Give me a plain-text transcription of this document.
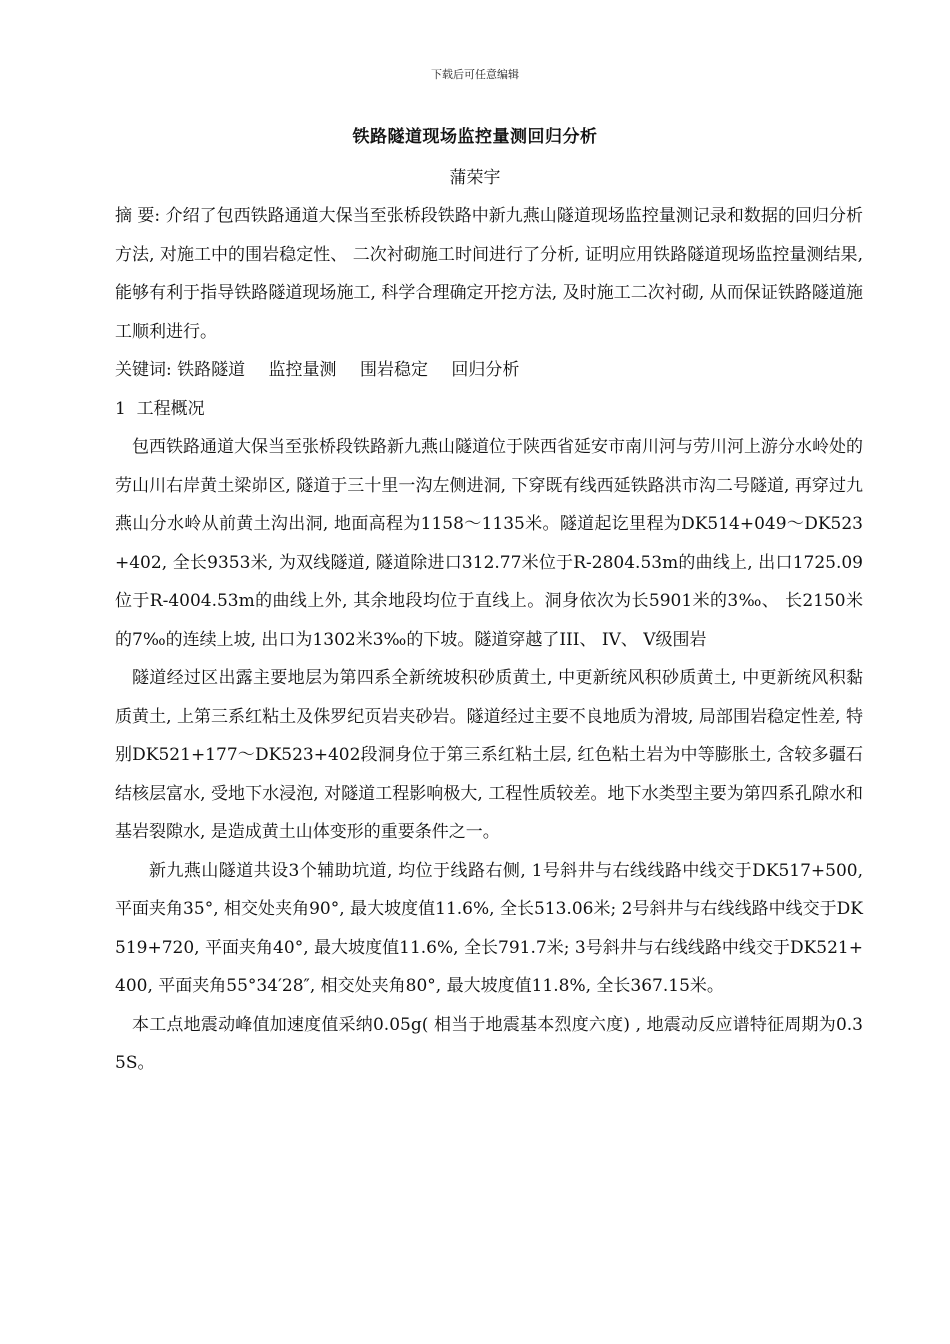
下载后可任意编辑
铁路隧道现场监控量测回归分析
蒲荣宇

摘 要: 介绍了包西铁路通道大保当至张桥段铁路中新九燕山隧道现场监控量测记录和数据的回归分析方法, 对施工中的围岩稳定性、 二次衬砌施工时间进行了分析, 证明应用铁路隧道现场监控量测结果, 能够有利于指导铁路隧道现场施工, 科学合理确定开挖方法, 及时施工二次衬砌, 从而保证铁路隧道施工顺利进行。

关键词: 铁路隧道 监控量测 围岩稳定 回归分析

1  工程概况

包西铁路通道大保当至张桥段铁路新九燕山隧道位于陕西省延安市南川河与劳川河上游分水岭处的劳山川右岸黄土梁峁区, 隧道于三十里一沟左侧进洞, 下穿既有线西延铁路洪市沟二号隧道, 再穿过九燕山分水岭从前黄土沟出洞, 地面高程为1158～1135米。隧道起讫里程为DK514+049～DK523+402, 全长9353米, 为双线隧道, 隧道除进口312.77米位于R-2804.53m的曲线上, 出口1725.09位于R-4004.53m的曲线上外, 其余地段均位于直线上。洞身依次为长5901米的3‰、 长2150米的7‰的连续上坡, 出口为1302米3‰的下坡。隧道穿越了III、 IV、 V级围岩

隧道经过区出露主要地层为第四系全新统坡积砂质黄土, 中更新统风积砂质黄土, 中更新统风积黏质黄土, 上第三系红粘土及侏罗纪页岩夹砂岩。隧道经过主要不良地质为滑坡, 局部围岩稳定性差, 特别DK521+177～DK523+402段洞身位于第三系红粘土层, 红色粘土岩为中等膨胀土, 含较多疆石结核层富水, 受地下水浸泡, 对隧道工程影响极大, 工程性质较差。地下水类型主要为第四系孔隙水和基岩裂隙水, 是造成黄土山体变形的重要条件之一。

新九燕山隧道共设3个辅助坑道, 均位于线路右侧, 1号斜井与右线线路中线交于DK517+500, 平面夹角35°, 相交处夹角90°, 最大坡度值11.6%, 全长513.06米; 2号斜井与右线线路中线交于DK519+720, 平面夹角40°, 最大坡度值11.6%, 全长791.7米; 3号斜井与右线线路中线交于DK521+400, 平面夹角55°34′28″, 相交处夹角80°, 最大坡度值11.8%, 全长367.15米。

本工点地震动峰值加速度值采纳0.05g( 相当于地震基本烈度六度) , 地震动反应谱特征周期为0.35S。
